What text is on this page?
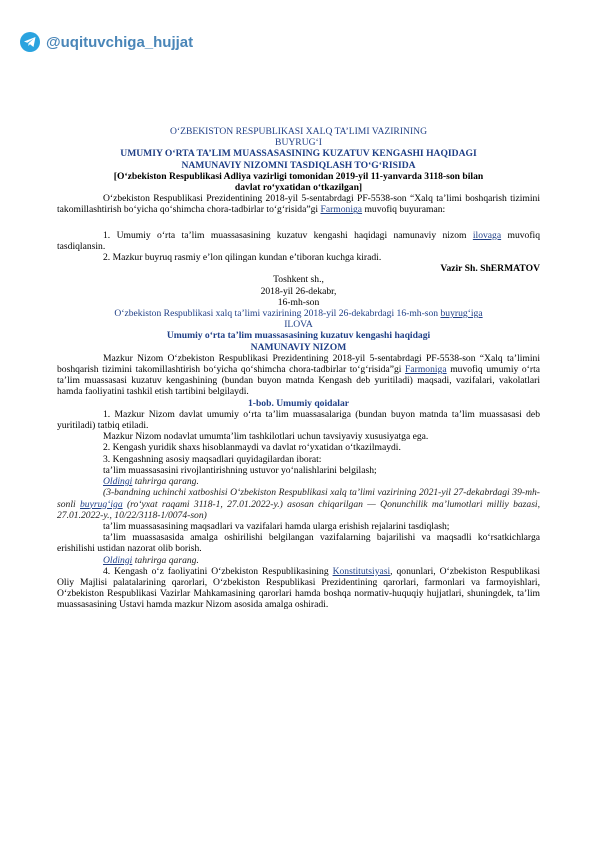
@uqituvchiga_hujjat
O‘ZBEKISTON RESPUBLIKASI XALQ TA’LIMI VAZIRINING
BUYRUG‘I
UMUMIY O‘RTA TA’LIM MUASSASASINING KUZATUV KENGASHI HAQIDAGI
NAMUNAVIY NIZOMNI TASDIQLASH TO‘G‘RISIDA
[O‘zbekiston Respublikasi Adliya vazirligi tomonidan 2019-yil 11-yanvarda 3118-son bilan
davlat ro‘yxatidan o‘tkazilgan]
O‘zbekiston Respublikasi Prezidentining 2018-yil 5-sentabrdagi PF-5538-son “Xalq ta’limi boshqarish tizimini takomillashtirish bo‘yicha qo‘shimcha chora-tadbirlar to‘g‘risida”gi Farmoniga muvofiq buyuraman:
1. Umumiy o‘rta ta’lim muassasasining kuzatuv kengashi haqidagi namunaviy nizom ilovaga muvofiq tasdiqlansin.
2. Mazkur buyruq rasmiy e’lon qilingan kundan e’tiboran kuchga kiradi.
Vazir Sh. ShERMATOV
Toshkent sh.,
2018-yil 26-dekabr,
16-mh-son
O‘zbekiston Respublikasi xalq ta’limi vazirining 2018-yil 26-dekabrdagi 16-mh-son buyrug‘iga
ILOVA
Umumiy o‘rta ta’lim muassasasining kuzatuv kengashi haqidagi
NAMUNAVIY NIZOM
Mazkur Nizom O‘zbekiston Respublikasi Prezidentining 2018-yil 5-sentabrdagi PF-5538-son “Xalq ta’limini boshqarish tizimini takomillashtirish bo‘yicha qo‘shimcha chora-tadbirlar to‘g‘risida”gi Farmoniga muvofiq umumiy o‘rta ta’lim muassasasi kuzatuv kengashining (bundan buyon matnda Kengash deb yuritiladi) maqsadi, vazifalari, vakolatlari hamda faoliyatini tashkil etish tartibini belgilaydi.
1-bob. Umumiy qoidalar
1. Mazkur Nizom davlat umumiy o‘rta ta’lim muassasalariga (bundan buyon matnda ta’lim muassasasi deb yuritiladi) tatbiq etiladi.
Mazkur Nizom nodavlat umumta’lim tashkilotlari uchun tavsiyaviy xususiyatga ega.
2. Kengash yuridik shaxs hisoblanmaydi va davlat ro‘yxatidan o‘tkazilmaydi.
3. Kengashning asosiy maqsadlari quyidagilardan iborat:
ta’lim muassasasini rivojlantirishning ustuvor yo‘nalishlarini belgilash;
Oldingi tahrirga qarang.
(3-bandning uchinchi xatboshisi O‘zbekiston Respublikasi xalq ta’limi vazirining 2021-yil 27-dekabrdagi 39-mh-sonli buyrug‘iga (ro‘yxat raqami 3118-1, 27.01.2022-y.) asosan chiqarilgan — Qonunchilik ma’lumotlari milliy bazasi, 27.01.2022-y., 10/22/3118-1/0074-son)
ta’lim muassasasining maqsadlari va vazifalari hamda ularga erishish rejalarini tasdiqlash;
ta’lim muassasasida amalga oshirilishi belgilangan vazifalarning bajarilishi va maqsadli ko‘rsatkichlarga erishilishi ustidan nazorat olib borish.
Oldingi tahrirga qarang.
4. Kengash o‘z faoliyatini O‘zbekiston Respublikasining Konstitutsiyasi, qonunlari, O‘zbekiston Respublikasi Oliy Majlisi palatalarining qarorlari, O‘zbekiston Respublikasi Prezidentining qarorlari, farmonlari va farmoyishlari, O‘zbekiston Respublikasi Vazirlar Mahkamasining qarorlari hamda boshqa normativ-huquqiy hujjatlari, shuningdek, ta’lim muassasasining Ustavi hamda mazkur Nizom asosida amalga oshiradi.
